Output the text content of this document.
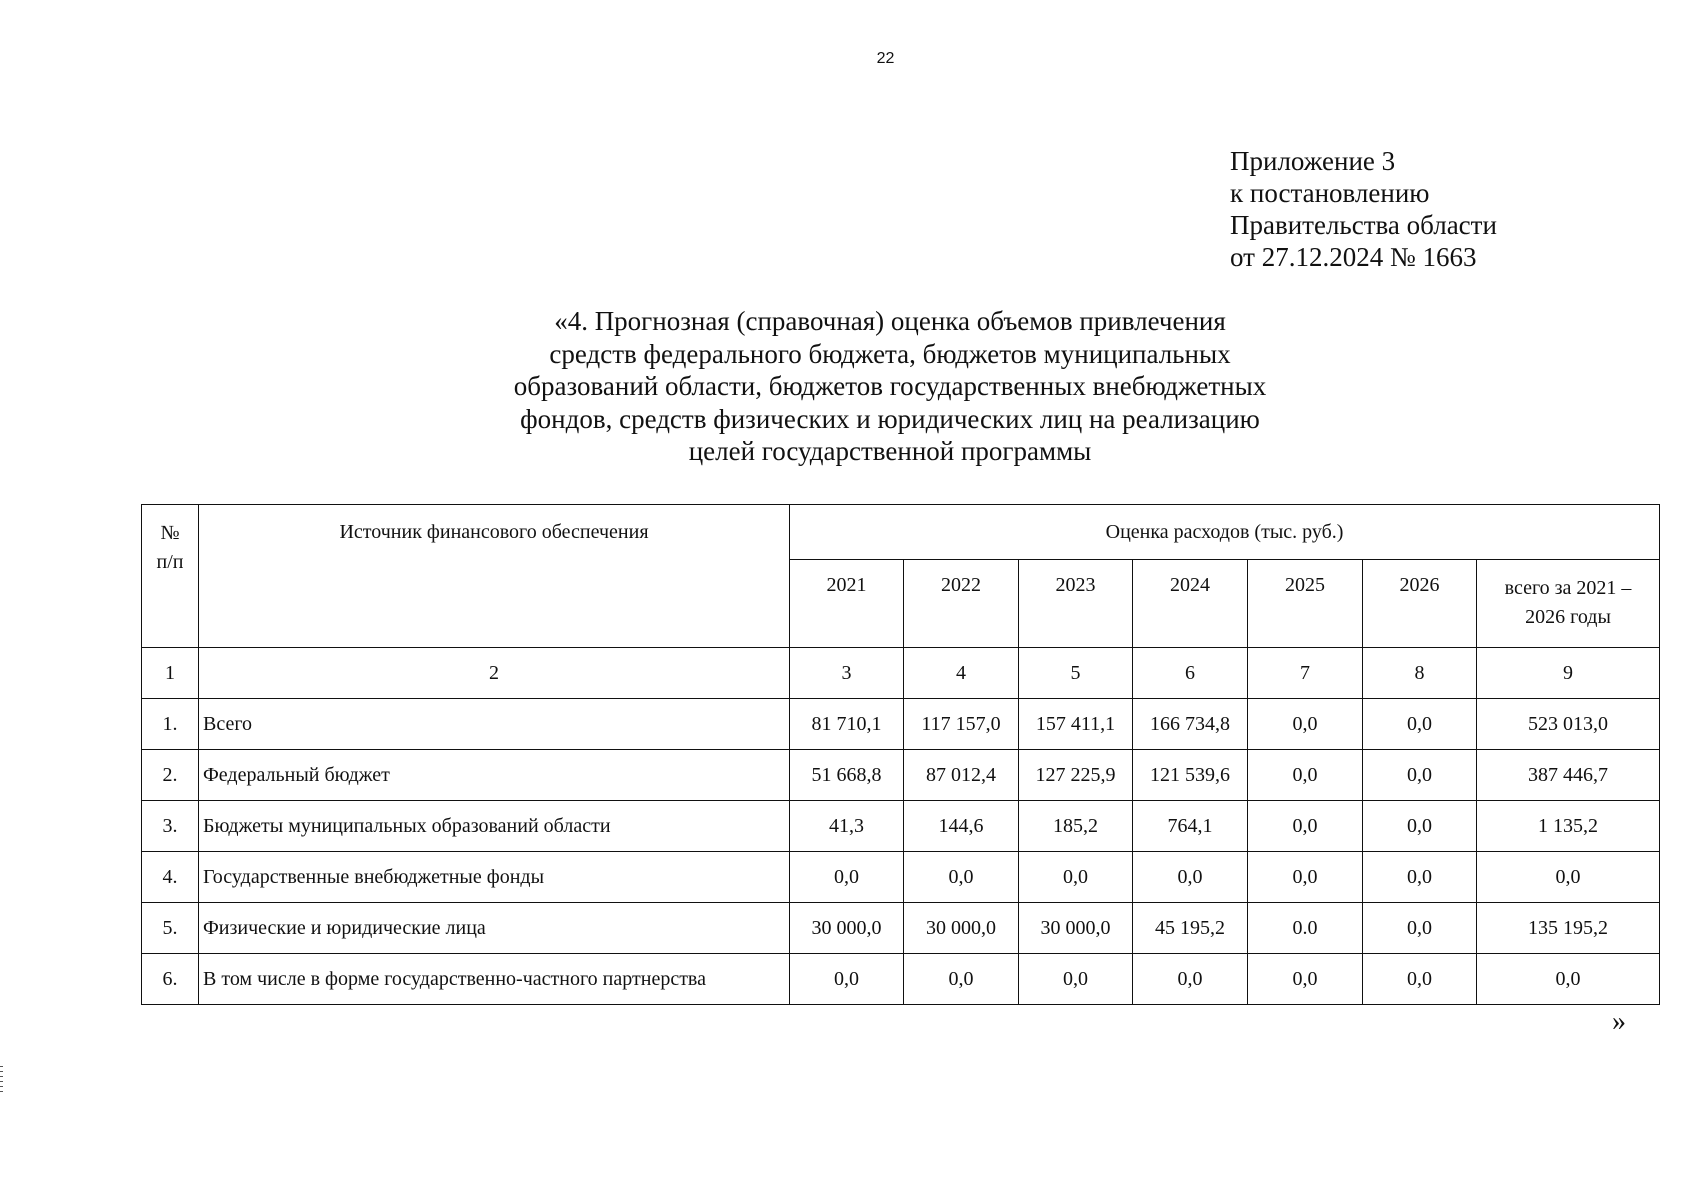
22
Приложение 3
к постановлению
Правительства области
от 27.12.2024 № 1663
«4. Прогнозная (справочная) оценка объемов привлечения
средств федерального бюджета, бюджетов муниципальных
образований области, бюджетов государственных внебюджетных
фондов, средств физических и юридических лиц на реализацию
целей государственной программы
№ п/п	Источник финансового обеспечения	Оценка расходов (тыс. руб.)						
		2021	2022	2023	2024	2025	2026	всего за 2021 – 2026 годы
1	2	3	4	5	6	7	8	9
1.	Всего	81 710,1	117 157,0	157 411,1	166 734,8	0,0	0,0	523 013,0
2.	Федеральный бюджет	51 668,8	87 012,4	127 225,9	121 539,6	0,0	0,0	387 446,7
3.	Бюджеты муниципальных образований области	41,3	144,6	185,2	764,1	0,0	0,0	1 135,2
4.	Государственные внебюджетные фонды	0,0	0,0	0,0	0,0	0,0	0,0	0,0
5.	Физические и юридические лица	30 000,0	30 000,0	30 000,0	45 195,2	0.0	0,0	135 195,2
6.	В том числе в форме государственно-частного партнерства	0,0	0,0	0,0	0,0	0,0	0,0	0,0
»
